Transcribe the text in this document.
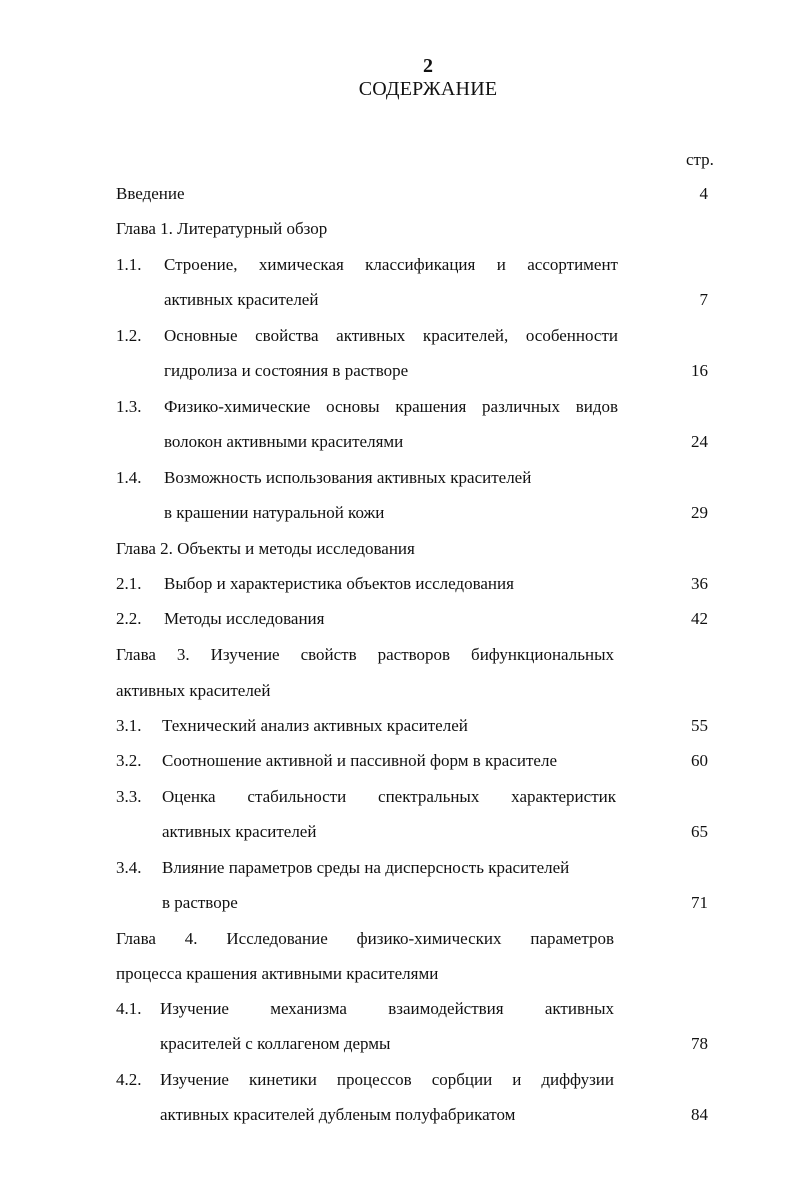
2
СОДЕРЖАНИЕ
стр.
Введение	4
Глава 1. Литературный обзор
1.1.	Строение, химическая классификация и ассортимент
активных красителей	7
1.2.	Основные свойства активных красителей, особенности
гидролиза и состояния в растворе	16
1.3.	Физико-химические основы крашения различных видов
волокон активными красителями	24
1.4.	Возможность использования активных красителей
в крашении натуральной кожи	29
Глава 2. Объекты и методы исследования
2.1.	Выбор и характеристика объектов исследования	36
2.2.	Методы исследования	42
Глава 3. Изучение свойств растворов бифункциональных
активных красителей
3.1.	Технический анализ активных красителей	55
3.2.	Соотношение активной и пассивной форм в красителе	60
3.3.	Оценка стабильности спектральных характеристик
активных красителей	65
3.4.	Влияние параметров среды на дисперсность красителей
в растворе	71
Глава 4. Исследование физико-химических параметров
процесса крашения активными красителями
4.1.	Изучение механизма взаимодействия активных
красителей с коллагеном дермы	78
4.2.	Изучение кинетики процессов сорбции и диффузии
активных красителей дубленым полуфабрикатом	84
